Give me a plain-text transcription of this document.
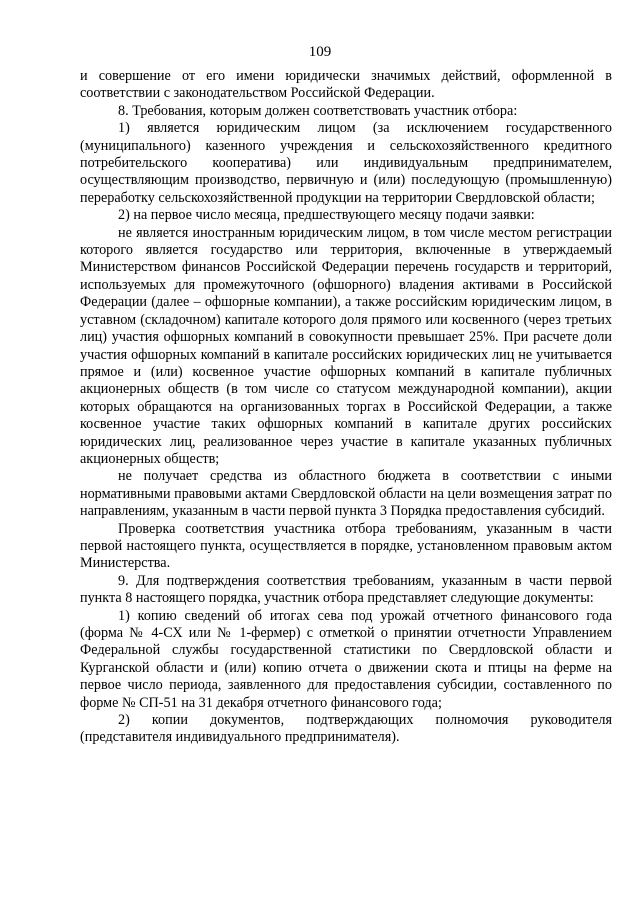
109

и совершение от его имени юридически значимых действий, оформленной в соответствии с законодательством Российской Федерации.

8. Требования, которым должен соответствовать участник отбора:

1) является юридическим лицом (за исключением государственного (муниципального) казенного учреждения и сельскохозяйственного кредитного потребительского кооператива) или индивидуальным предпринимателем, осуществляющим производство, первичную и (или) последующую (промышленную) переработку сельскохозяйственной продукции на территории Свердловской области;

2) на первое число месяца, предшествующего месяцу подачи заявки:

не является иностранным юридическим лицом, в том числе местом регистрации которого является государство или территория, включенные в утверждаемый Министерством финансов Российской Федерации перечень государств и территорий, используемых для промежуточного (офшорного) владения активами в Российской Федерации (далее – офшорные компании), а также российским юридическим лицом, в уставном (складочном) капитале которого доля прямого или косвенного (через третьих лиц) участия офшорных компаний в совокупности превышает 25%. При расчете доли участия офшорных компаний в капитале российских юридических лиц не учитывается прямое и (или) косвенное участие офшорных компаний в капитале публичных акционерных обществ (в том числе со статусом международной компании), акции которых обращаются на организованных торгах в Российской Федерации, а также косвенное участие таких офшорных компаний в капитале других российских юридических лиц, реализованное через участие в капитале указанных публичных акционерных обществ;

не получает средства из областного бюджета в соответствии с иными нормативными правовыми актами Свердловской области на цели возмещения затрат по направлениям, указанным в части первой пункта 3 Порядка предоставления субсидий.

Проверка соответствия участника отбора требованиям, указанным в части первой настоящего пункта, осуществляется в порядке, установленном правовым актом Министерства.

9. Для подтверждения соответствия требованиям, указанным в части первой пункта 8 настоящего порядка, участник отбора представляет следующие документы:

1) копию сведений об итогах сева под урожай отчетного финансового года (форма № 4-СХ или № 1-фермер) с отметкой о принятии отчетности Управлением Федеральной службы государственной статистики по Свердловской области и Курганской области и (или) копию отчета о движении скота и птицы на ферме на первое число периода, заявленного для предоставления субсидии, составленного по форме № СП-51 на 31 декабря отчетного финансового года;

2) копии документов, подтверждающих полномочия руководителя (представителя индивидуального предпринимателя).
